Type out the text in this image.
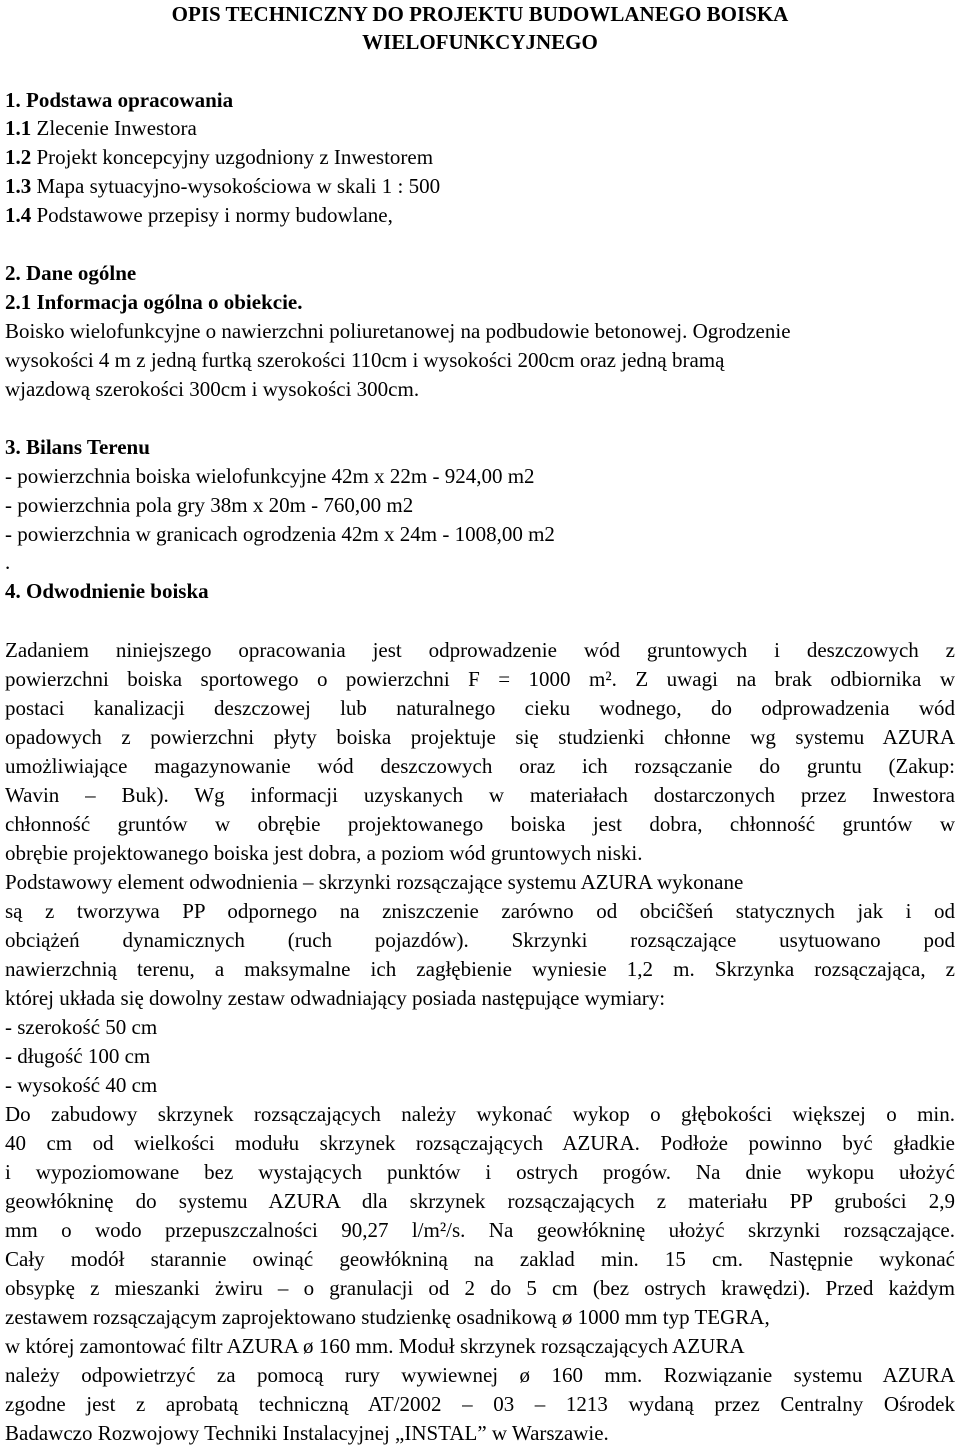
OPIS TECHNICZNY DO PROJEKTU BUDOWLANEGO BOISKA

WIELOFUNKCYJNEGO

1. Podstawa opracowania

1.1 Zlecenie Inwestora

1.2 Projekt koncepcyjny uzgodniony z Inwestorem

1.3 Mapa sytuacyjno-wysokościowa w skali 1 : 500

1.4 Podstawowe przepisy i normy budowlane,

2. Dane ogólne

2.1 Informacja ogólna o obiekcie.

Boisko wielofunkcyjne o nawierzchni poliuretanowej na podbudowie betonowej. Ogrodzenie

wysokości 4 m z jedną furtką szerokości 110cm i wysokości 200cm oraz jedną bramą

wjazdową szerokości 300cm i wysokości 300cm.

3. Bilans Terenu

- powierzchnia boiska wielofunkcyjne 42m x 22m - 924,00 m2

- powierzchnia pola gry 38m x 20m - 760,00 m2

- powierzchnia w granicach ogrodzenia 42m x 24m - 1008,00 m2

.

4. Odwodnienie boiska

Zadaniem niniejszego opracowania jest odprowadzenie wód gruntowych i deszczowych z

powierzchni boiska sportowego o powierzchni F = 1000 m². Z uwagi na brak odbiornika w

postaci kanalizacji deszczowej lub naturalnego cieku wodnego, do odprowadzenia wód

opadowych z powierzchni płyty boiska projektuje się studzienki chłonne wg systemu AZURA

umożliwiające magazynowanie wód deszczowych oraz ich rozsączanie do gruntu (Zakup:

Wavin – Buk). Wg informacji uzyskanych w materiałach dostarczonych przez Inwestora

chłonność gruntów w obrębie projektowanego boiska jest dobra, chłonność gruntów w

obrębie projektowanego boiska jest dobra, a poziom wód gruntowych niski.

Podstawowy element odwodnienia – skrzynki rozsączające systemu AZURA wykonane

są z tworzywa PP odpornego na zniszczenie zarówno od obciĉšeń statycznych jak i od

obciążeń dynamicznych (ruch pojazdów). Skrzynki rozsączające usytuowano pod

nawierzchnią terenu, a maksymalne ich zagłębienie wyniesie 1,2 m. Skrzynka rozsączająca, z

której układa się dowolny zestaw odwadniający posiada następujące wymiary:

- szerokość 50 cm

- długość 100 cm

- wysokość 40 cm

Do zabudowy skrzynek rozsączających należy wykonać wykop o głębokości większej o min.

40 cm od wielkości modułu skrzynek rozsączających AZURA. Podłoże powinno być gładkie

i wypoziomowane bez wystających punktów i ostrych progów. Na dnie wykopu ułożyć

geowłókninę do systemu AZURA dla skrzynek rozsączających z materiału PP grubości 2,9

mm o wodo przepuszczalności 90,27 l/m²/s. Na geowłókninę ułożyć skrzynki rozsączające.

Cały modół starannie owinąć geowłókniną na zaklad min. 15 cm. Następnie wykonać

obsypkę z mieszanki żwiru – o granulacji od 2 do 5 cm (bez ostrych krawędzi). Przed każdym

zestawem rozsączającym zaprojektowano studzienkę osadnikową ø 1000 mm typ TEGRA,

w której zamontować filtr AZURA ø 160 mm. Moduł skrzynek rozsączających AZURA

należy odpowietrzyć za pomocą rury wywiewnej ø 160 mm. Rozwiązanie systemu AZURA

zgodne jest z aprobatą techniczną AT/2002 – 03 – 1213 wydaną przez Centralny Ośrodek

Badawczo Rozwojowy Techniki Instalacyjnej „INSTAL” w Warszawie.
